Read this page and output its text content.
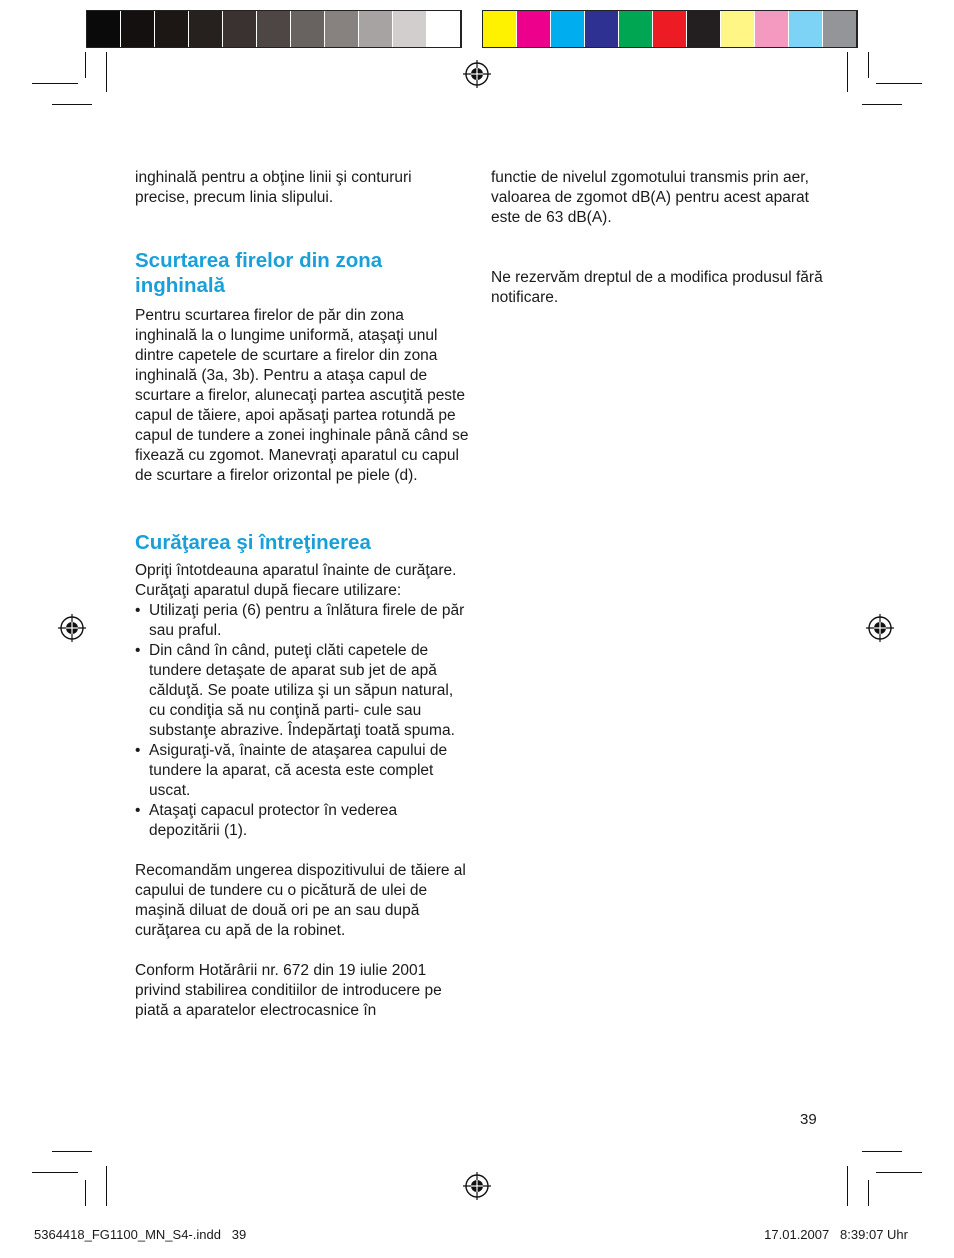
inghinală pentru a obţine linii şi contururi precise, precum linia slipului.

Scurtarea firelor din zona inghinală

Pentru scurtarea firelor de păr din zona inghinală la o lungime uniformă, ataşaţi unul dintre capetele de scurtare a firelor din zona inghinală (3a, 3b). Pentru a ataşa capul de scurtare a firelor, alunecaţi partea ascuţită peste capul de tăiere, apoi apăsaţi partea rotundă pe capul de tundere a zonei inghinale până când se fixează cu zgomot. Manevraţi aparatul cu capul de scurtare a firelor orizontal pe piele (d).

Curăţarea şi întreţinerea

Opriţi întotdeauna aparatul înainte de curăţare. Curăţaţi aparatul după fiecare utilizare:

• Utilizaţi peria (6) pentru a înlătura firele de păr sau praful.
• Din când în când, puteţi clăti capetele de tundere detaşate de aparat sub jet de apă călduţă. Se poate utiliza şi un săpun natural, cu condiţia să nu conţină parti- cule sau substanţe abrazive. Îndepărtaţi toată spuma.
• Asiguraţi-vă, înainte de ataşarea capului de tundere la aparat, că acesta este complet uscat.
• Ataşaţi capacul protector în vederea depozitării (1).

Recomandăm ungerea dispozitivului de tăiere al capului de tundere cu o picătură de ulei de maşină diluat de două ori pe an sau după curăţarea cu apă de la robinet.

Conform Hotărârii nr. 672 din 19 iulie 2001 privind stabilirea conditiilor de introducere pe piată a aparatelor electrocasnice în

functie de nivelul zgomotului transmis prin aer, valoarea de zgomot dB(A) pentru acest aparat este de 63 dB(A).

Ne rezervăm dreptul de a modifica produsul fără notificare.

39
5364418_FG1100_MN_S4-.indd   39	17.01.2007   8:39:07 Uhr
